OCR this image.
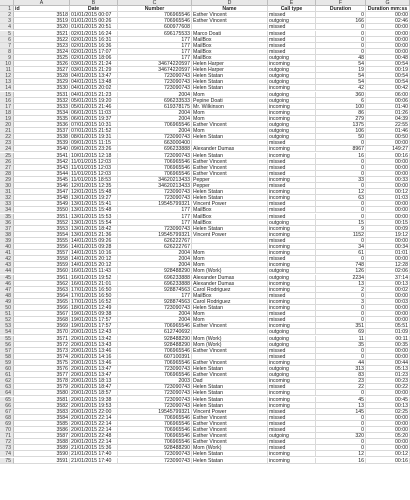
A	B	C	D	E	F	G
1 id	Date	Number	Name	Call type	Duration	Duration mm:ss
2	3518 01/01/2015 00:07	706965546 Esther Vincent	missed	0	00:00
3	3519 01/01/2015 00:26	706965546 Esther Vincent	outgoing	166	02:46
4	3520 01/01/2015 20:51	600977608	missed	0	00:00
5	3521 02/01/2015 16:24	696175533 Marco Doati	missed	0	00:00
6	3522 02/01/2015 16:31	177 MailBox	missed	0	00:00
7	3523 02/01/2015 16:36	177 MailBox	missed	0	00:00
8	3524 02/01/2015 17:07	177 MailBox	missed	0	00:00
9	3525 02/01/2015 18:06	177 MailBox	outgoing	48	00:48
10	3526 03/01/2015 21:24	34674220597 Helen Harper	incoming	54	00:54
11	3527 03/01/2015 21:29	34674220597 Helen Harper	outgoing	19	00:19
12	3528 04/01/2015 13:47	723090743 Helen Statan	outgoing	54	00:54
13	3529 04/01/2015 13:48	723090743 Helen Statan	outgoing	54	00:54
14	3530 04/01/2015 20:02	723090743 Helen Statan	incoming	42	00:42
15	3531 04/01/2015 21:23	2004 Mom	outgoing	360	06:00
16	3532 05/01/2015 19:20	696233533 Pepine Doati	outgoing	6	00:06
17	3533 05/01/2015 21:46	619378175 Mr. Wilkinson	incoming	100	01:40
18	3534 06/01/2015 11:03	2004 Mom	incoming	86	01:26
19	3535 06/01/2015 19:37	2004 Mom	incoming	279	04:39
20	3536 07/01/2015 10:31	706965546 Esther Vincent	outgoing	1375	22:55
21	3537 07/01/2015 21:52	2004 Mom	outgoing	106	01:46
22	3538 08/01/2015 19:31	723090743 Helen Statan	outgoing	50	00:50
23	3539 09/01/2015 11:15	663000400	missed	0	00:00
24	3540 09/01/2015 23:26	696233888 Alexander Dumas	incoming	8967	149:27
25	3541 10/01/2015 12:18	723090743 Helen Statan	incoming	16	00:16
26	3542 11/01/2015 12:03	706965546 Esther Vincent	missed	0	00:00
27	3543 11/01/2015 12:03	706965546 Esther Vincent	missed	0	00:00
28	3544 11/01/2015 12:03	706965546 Esther Vincent	missed	0	00:00
29	3545 11/01/2015 18:53	34620213433 Pepper	incoming	33	00:33
30	3546 12/01/2015 12:35	34620213433 Pepper	missed	0	00:00
31	3547 12/01/2015 15:48	723090743 Helen Statan	incoming	12	00:12
32	3548 13/01/2015 19:27	723090743 Helen Statan	incoming	63	01:03
33	3549 13/01/2015 15:41	19545799321 Vincent Power	missed	0	00:00
34	3550 13/01/2015 15:48	177 MailBox	missed	0	00:00
35	3551 13/01/2015 15:53	177 MailBox	missed	0	00:00
36	3552 13/01/2015 15:54	177 MailBox	outgoing	15	00:15
37	3553 13/01/2015 18:42	723090743 Helen Statan	incoming	9	00:09
38	3554 13/01/2015 21:36	19545799321 Vincent Power	incoming	1152	19:12
39	3555 14/01/2015 09:26	626222767	missed	0	00:00
40	3556 14/01/2015 09:28	626222767	incoming	34	00:34
41	3557 14/01/2015 10:16	2004 Mom	incoming	61	01:01
42	3558 14/01/2015 20:12	2004 Mom	missed	0	00:00
43	3559 14/01/2015 20:12	2004 Mom	incoming	748	12:28
44	3560 16/01/2015 11:43	928488290 Mom (Work)	outgoing	126	02:06
45	3561 16/01/2015 19:52	696233888 Alexander Dumas	outgoing	2234	37:14
46	3562 16/01/2015 21:01	696233888 Alexander Dumas	incoming	13	00:13
47	3563 17/01/2015 16:50	928874563 Carol Rodriguez	incoming	2	00:02
48	3564 17/01/2015 16:50	177 MailBox	missed	0	00:00
49	3565 17/01/2015 16:52	928874563 Carol Rodriguez	incoming	3	00:03
50	3566 18/01/2015 12:49	723090743 Helen Statan	incoming	0	00:00
51	3567 19/01/2015 09:38	2004 Mom	missed	0	00:00
52	3568 19/01/2015 17:57	2004 Mom	missed	0	00:00
53	3569 19/01/2015 17:57	706965546 Esther Vincent	incoming	351	05:51
54	3570 20/01/2015 12:43	612740692	outgoing	69	01:09
55	3571 20/01/2015 13:42	928488290 Mom (Work)	outgoing	11	00:11
56	3572 20/01/2015 13:43	928488290 Mom (Work)	outgoing	35	00:35
57	3573 20/01/2015 13:46	706965546 Esther Vincent	missed	0	00:00
58	3574 20/01/2015 14:16	607100391	missed	0	00:00
59	3575 20/01/2015 13:46	706965546 Esther Vincent	incoming	44	00:44
60	3576 20/01/2015 13:47	723090743 Helen Statan	outgoing	313	05:13
61	3577 20/01/2015 13:47	706965546 Esther Vincent	outgoing	83	01:23
62	3578 20/01/2015 18:13	2003 Dad	incoming	23	00:23
63	3579 20/01/2015 18:47	723090743 Helen Statan	missed	22	00:22
64	3580 20/01/2015 18:57	723090743 Helen Statan	incoming	0	00:00
65	3581 20/01/2015 19:38	723090743 Helen Statan	incoming	45	00:45
66	3582 20/01/2015 19:53	723090743 Helen Statan	incoming	13	00:13
67	3583 20/01/2015 22:00	19545799321 Vincent Power	missed	145	02:25
68	3584 20/01/2015 22:14	706965546 Esther Vincent	missed	0	00:00
69	3585 20/01/2015 22:14	706965546 Esther Vincent	missed	0	00:00
70	3586 20/01/2015 22:14	706965546 Esther Vincent	missed	0	00:00
71	3587 20/01/2015 22:48	706965546 Esther Vincent	outgoing	320	05:20
72	3588 20/01/2015 22:14	706965546 Esther Vincent	missed	0	00:00
73	3589 21/01/2015 15:36	928488290 Mom (Work)	missed	0	00:00
74	3590 21/01/2015 17:40	723090743 Helen Statan	incoming	12	00:12
75	3591 21/01/2015 17:40	723090743 Helen Statan	incoming	16	00:16
